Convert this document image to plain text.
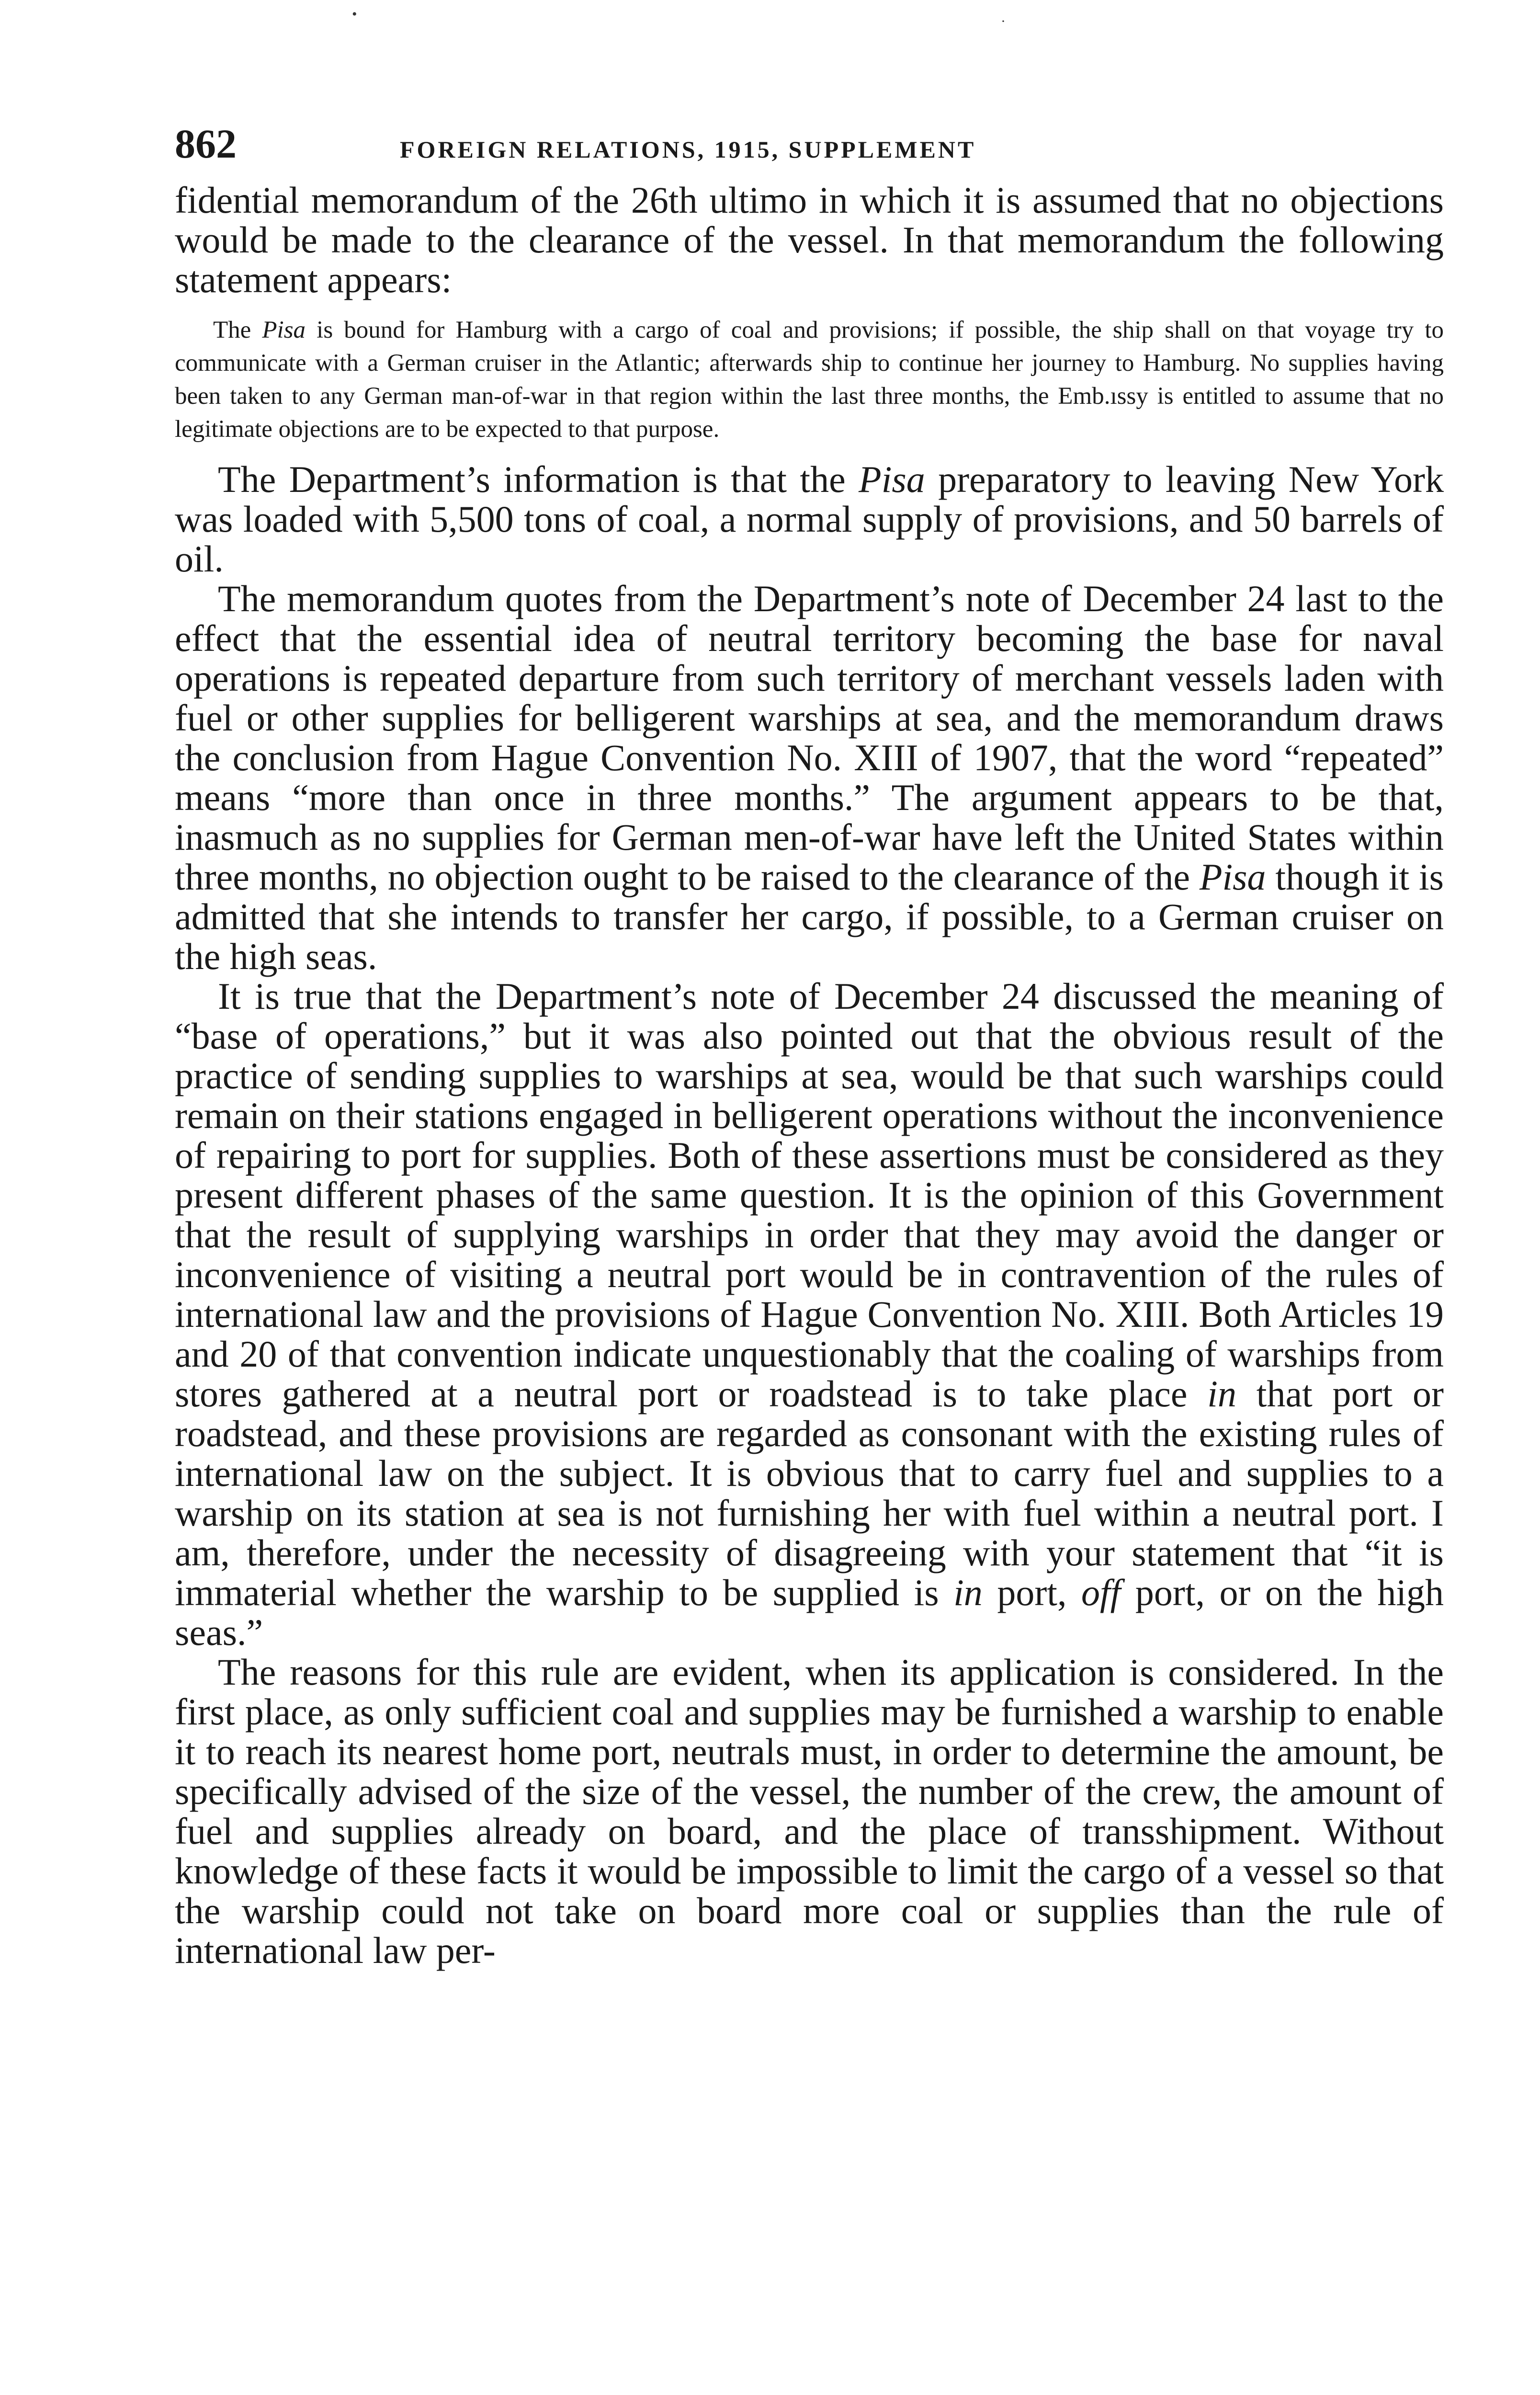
•	·
862	FOREIGN RELATIONS, 1915, SUPPLEMENT

fidential memorandum of the 26th ultimo in which it is assumed that no objections would be made to the clearance of the vessel. In that memorandum the following statement appears:

The Pisa is bound for Hamburg with a cargo of coal and provisions; if possible, the ship shall on that voyage try to communicate with a German cruiser in the Atlantic; afterwards ship to continue her journey to Hamburg. No supplies having been taken to any German man-of-war in that region within the last three months, the Emb.ıssy is entitled to assume that no legitimate objections are to be expected to that purpose.

The Department’s information is that the Pisa preparatory to leaving New York was loaded with 5,500 tons of coal, a normal supply of provisions, and 50 barrels of oil.

The memorandum quotes from the Department’s note of December 24 last to the effect that the essential idea of neutral territory becoming the base for naval operations is repeated departure from such territory of merchant vessels laden with fuel or other supplies for belligerent warships at sea, and the memorandum draws the conclusion from Hague Convention No. XIII of 1907, that the word “repeated” means “more than once in three months.” The argument appears to be that, inasmuch as no supplies for German men-of-war have left the United States within three months, no objection ought to be raised to the clearance of the Pisa though it is admitted that she intends to transfer her cargo, if possible, to a German cruiser on the high seas.

It is true that the Department’s note of December 24 discussed the meaning of “base of operations,” but it was also pointed out that the obvious result of the practice of sending supplies to warships at sea, would be that such warships could remain on their stations engaged in belligerent operations without the inconvenience of repairing to port for supplies. Both of these assertions must be considered as they present different phases of the same question. It is the opinion of this Government that the result of supplying warships in order that they may avoid the danger or inconvenience of visiting a neutral port would be in contravention of the rules of international law and the provisions of Hague Convention No. XIII. Both Articles 19 and 20 of that convention indicate unquestionably that the coaling of warships from stores gathered at a neutral port or roadstead is to take place in that port or roadstead, and these provisions are regarded as consonant with the existing rules of international law on the subject. It is obvious that to carry fuel and supplies to a warship on its station at sea is not furnishing her with fuel within a neutral port. I am, therefore, under the necessity of disagreeing with your statement that “it is immaterial whether the warship to be supplied is in port, off port, or on the high seas.”

The reasons for this rule are evident, when its application is considered. In the first place, as only sufficient coal and supplies may be furnished a warship to enable it to reach its nearest home port, neutrals must, in order to determine the amount, be specifically advised of the size of the vessel, the number of the crew, the amount of fuel and supplies already on board, and the place of transshipment. Without knowledge of these facts it would be impossible to limit the cargo of a vessel so that the warship could not take on board more coal or supplies than the rule of international law per-
